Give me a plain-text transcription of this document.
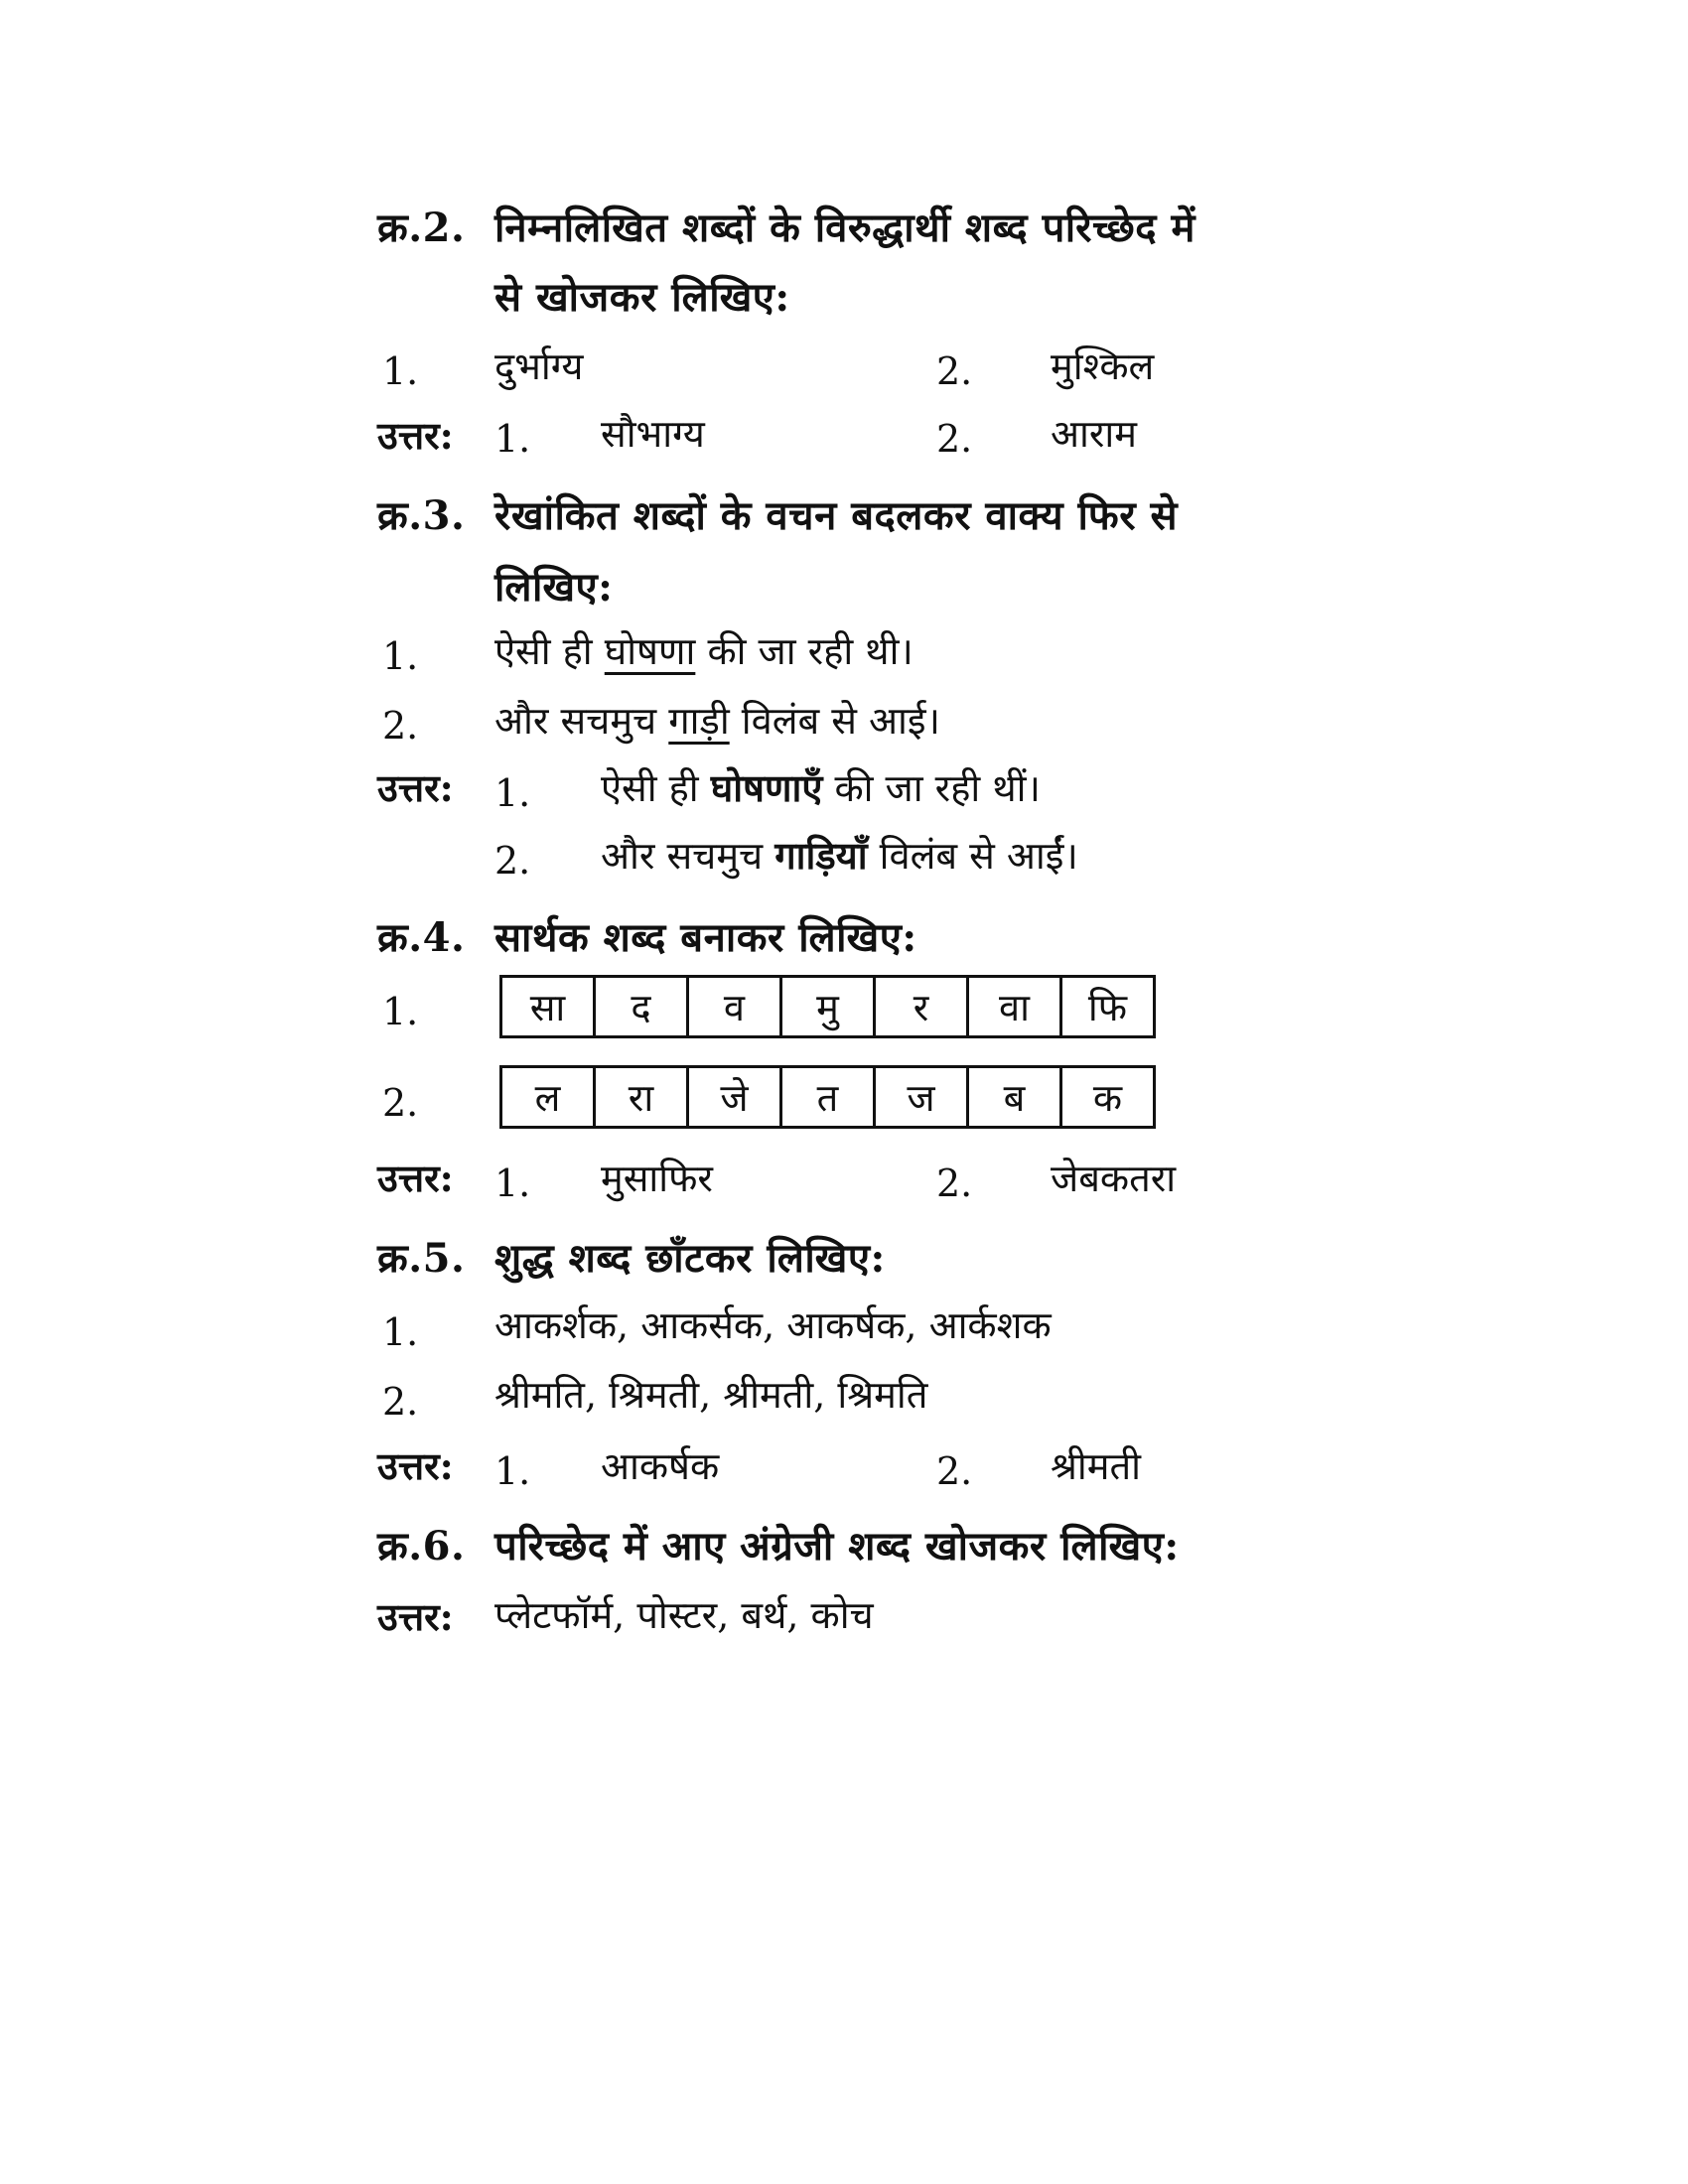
क्र.2. निम्नलिखित शब्दों के विरुद्धार्थी शब्द परिच्छेद में
से खोजकर लिखिए:
1. दुर्भाग्य	2. मुश्किल
उत्तर: 1. सौभाग्य	2. आराम
क्र.3. रेखांकित शब्दों के वचन बदलकर वाक्य फिर से
लिखिए:
1. ऐसी ही घोषणा की जा रही थी।
2. और सचमुच गाड़ी विलंब से आई।
उत्तर: 1. ऐसी ही घोषणाएँ की जा रही थीं।
2. और सचमुच गाड़ियाँ विलंब से आईं।
क्र.4. सार्थक शब्द बनाकर लिखिए:
1.	सा	द	व	मु	र	वा	फि
2.	ल	रा	जे	त	ज	ब	क
उत्तर: 1. मुसाफिर	2. जेबकतरा
क्र.5. शुद्ध शब्द छाँटकर लिखिए:
1. आकर्शक, आकर्सक, आकर्षक, आर्कशक
2. श्रीमति, श्रिमती, श्रीमती, श्रिमति
उत्तर: 1. आकर्षक	2. श्रीमती
क्र.6. परिच्छेद में आए अंग्रेजी शब्द खोजकर लिखिए:
उत्तर: प्लेटफॉर्म, पोस्टर, बर्थ, कोच
